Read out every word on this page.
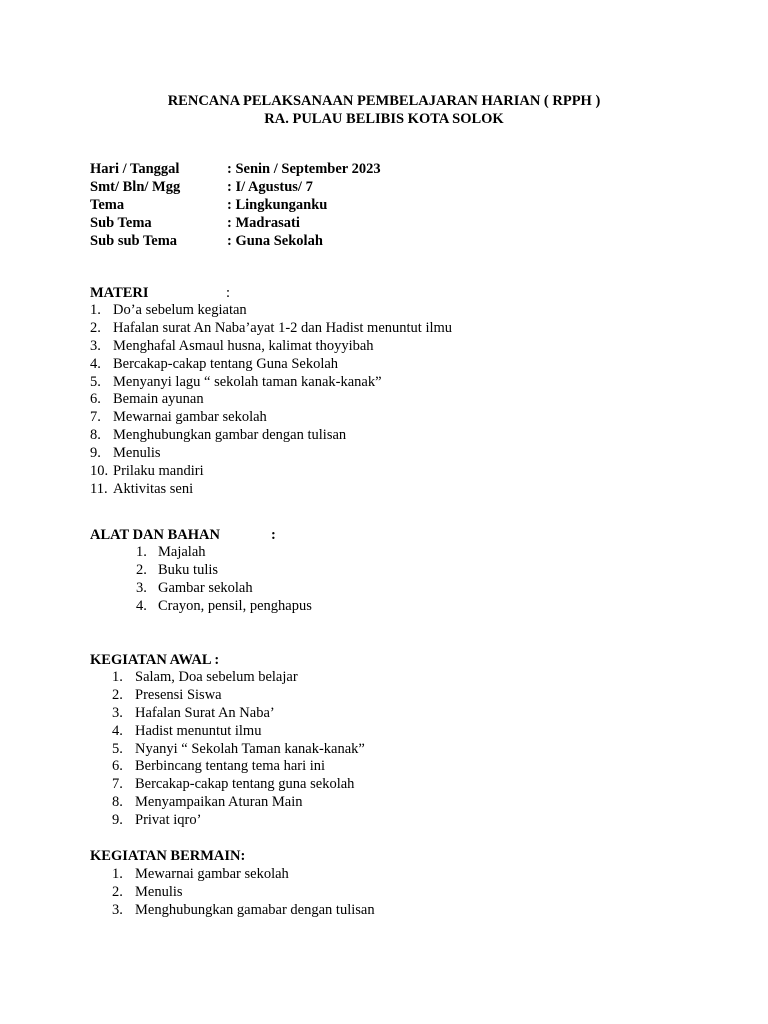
RENCANA PELAKSANAAN PEMBELAJARAN HARIAN ( RPPH )
RA. PULAU BELIBIS KOTA SOLOK
Hari / Tanggal	: Senin / September 2023
Smt/ Bln/ Mgg	: I/ Agustus/ 7
Tema	: Lingkunganku
Sub Tema	: Madrasati
Sub sub Tema	: Guna Sekolah
MATERI	:
1. Do’a sebelum kegiatan
2. Hafalan surat An Naba’ayat 1-2 dan Hadist menuntut ilmu
3. Menghafal Asmaul husna, kalimat thoyyibah
4. Bercakap-cakap tentang Guna Sekolah
5. Menyanyi lagu “ sekolah taman kanak-kanak”
6. Bemain ayunan
7. Mewarnai gambar sekolah
8. Menghubungkan gambar dengan tulisan
9. Menulis
10. Prilaku mandiri
11. Aktivitas seni
ALAT DAN BAHAN	:
1. Majalah
2. Buku tulis
3. Gambar sekolah
4. Crayon, pensil, penghapus
KEGIATAN AWAL :
1. Salam, Doa sebelum belajar
2. Presensi Siswa
3. Hafalan Surat An Naba’
4. Hadist menuntut ilmu
5. Nyanyi “ Sekolah Taman kanak-kanak”
6. Berbincang tentang tema hari ini
7. Bercakap-cakap tentang guna sekolah
8. Menyampaikan Aturan Main
9. Privat iqro’
KEGIATAN BERMAIN:
1. Mewarnai gambar sekolah
2. Menulis
3. Menghubungkan gamabar dengan tulisan
